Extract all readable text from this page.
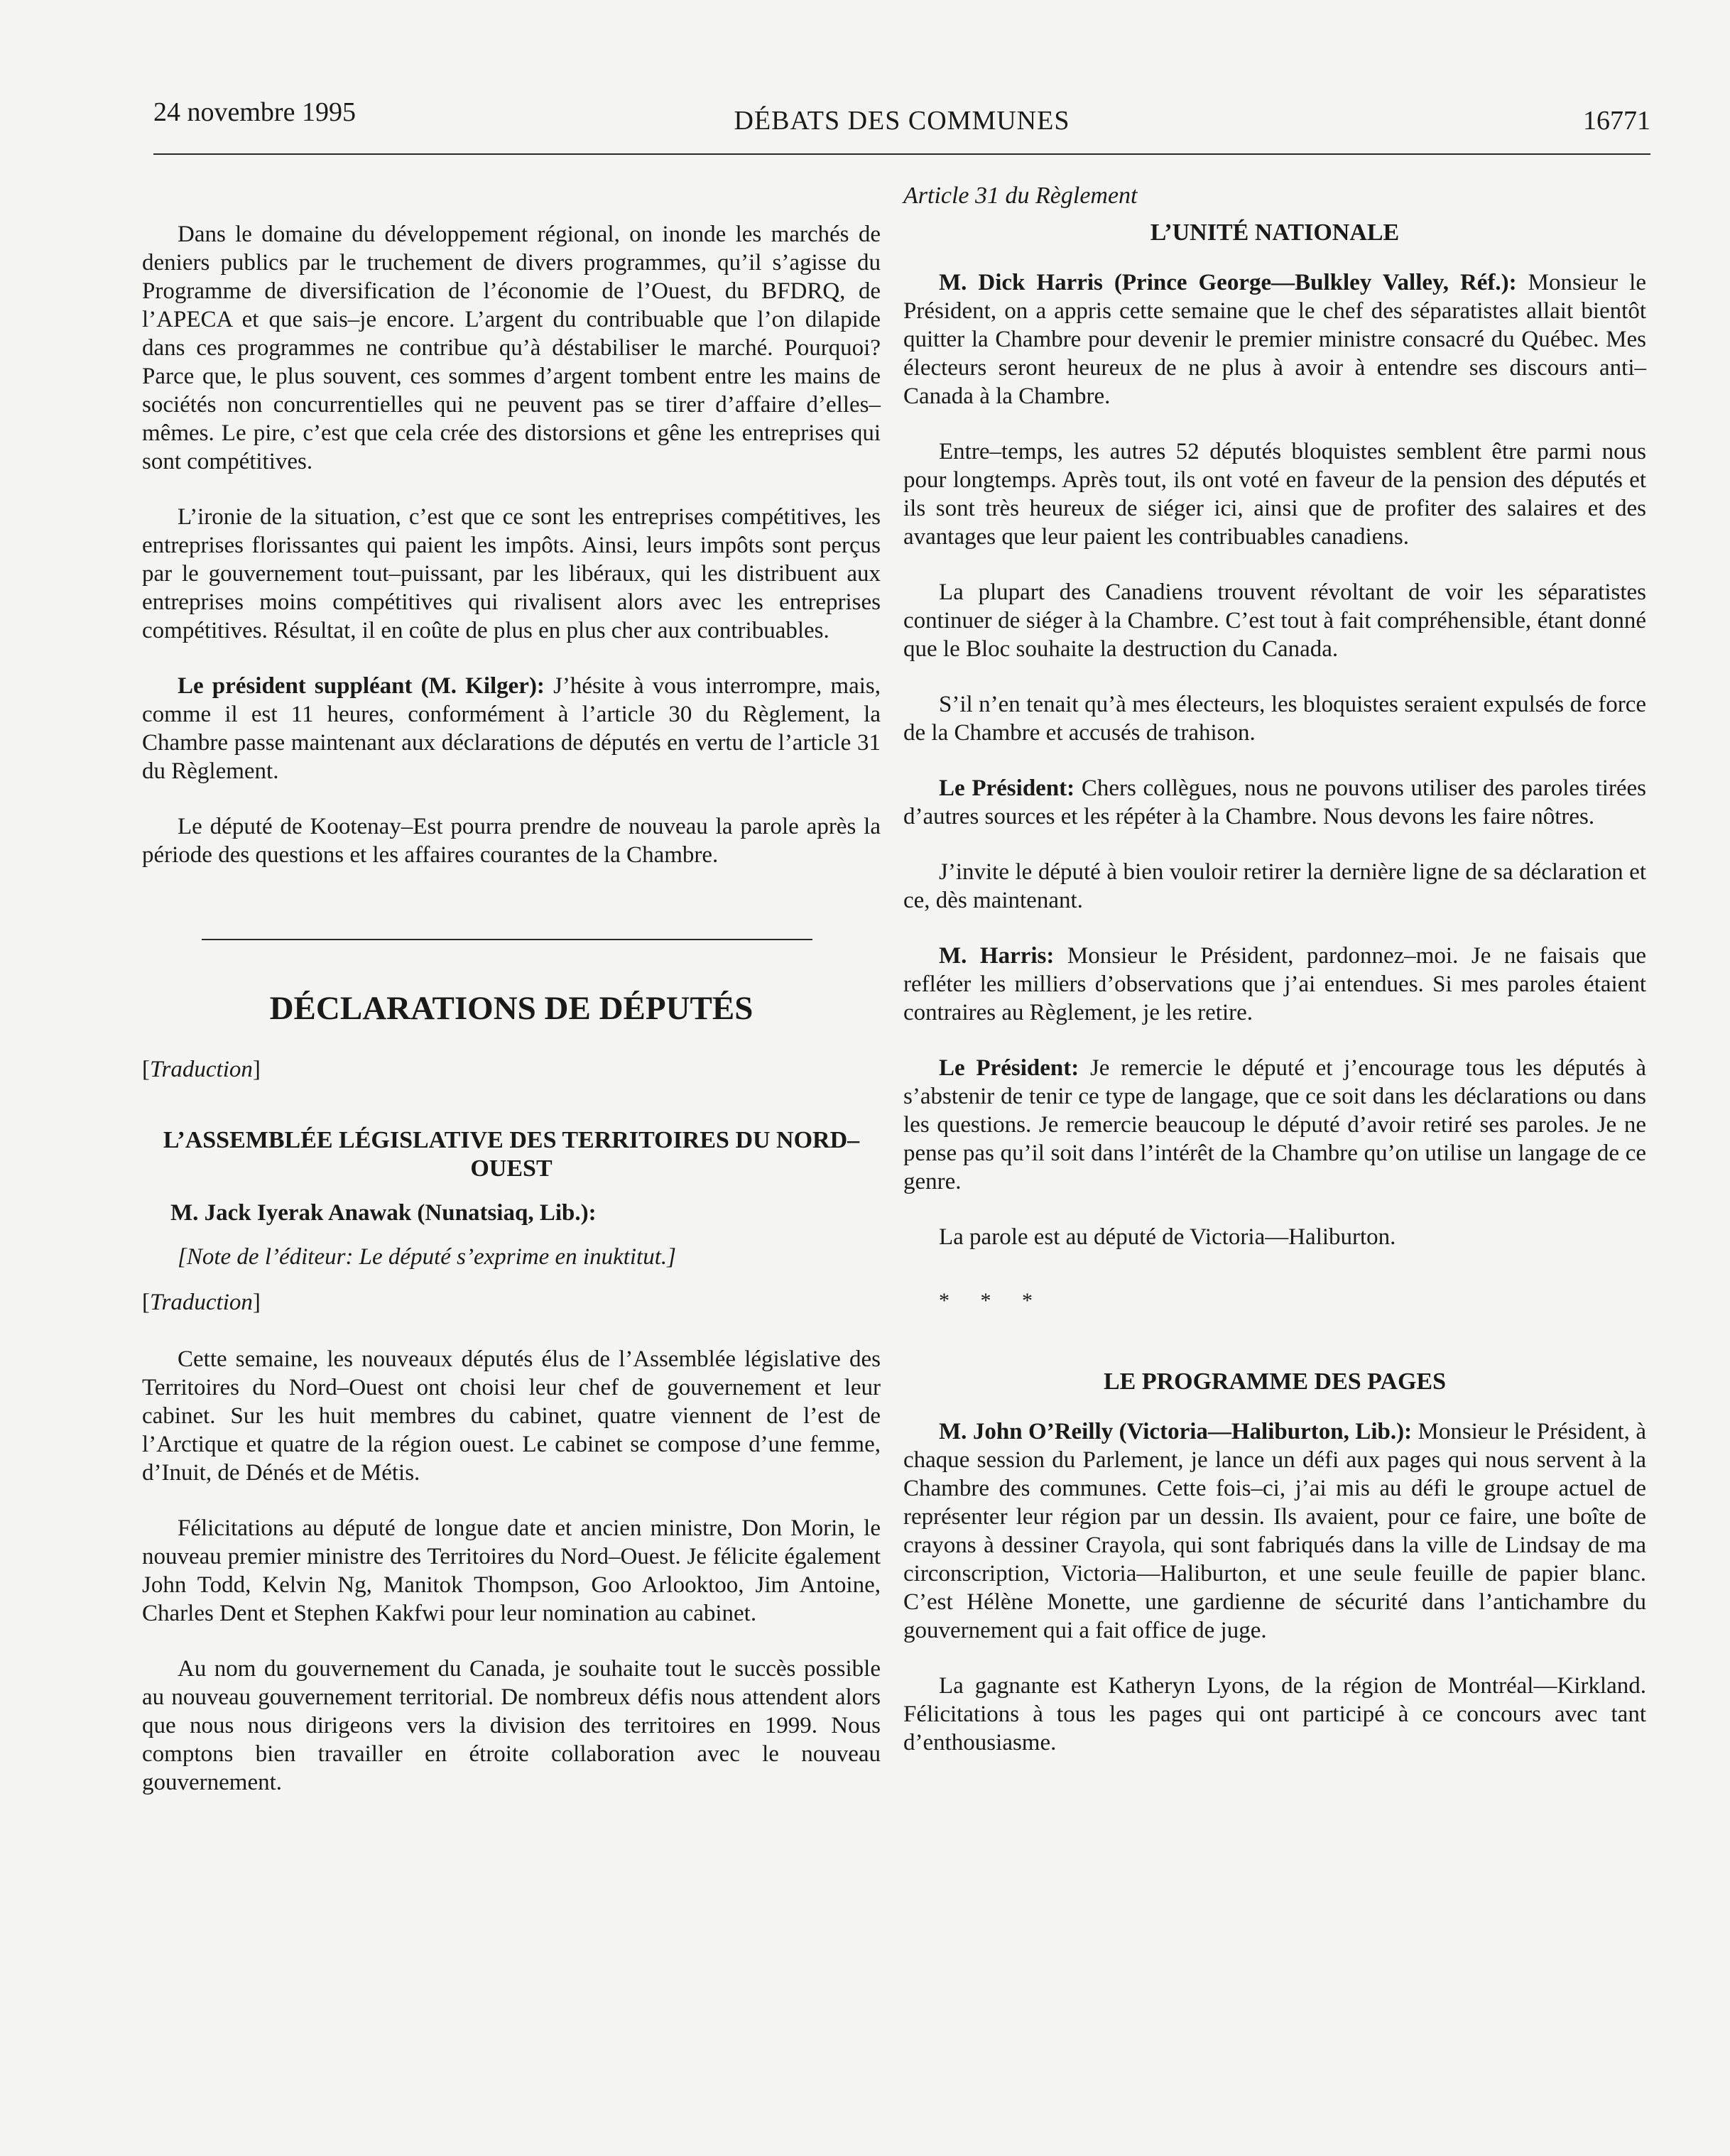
24 novembre 1995	DÉBATS DES COMMUNES	16771

Dans le domaine du développement régional, on inonde les marchés de deniers publics par le truchement de divers programmes, qu’il s’agisse du Programme de diversification de l’économie de l’Ouest, du BFDRQ, de l’APECA et que sais–je encore. L’argent du contribuable que l’on dilapide dans ces programmes ne contribue qu’à déstabiliser le marché. Pourquoi? Parce que, le plus souvent, ces sommes d’argent tombent entre les mains de sociétés non concurrentielles qui ne peuvent pas se tirer d’affaire d’elles–mêmes. Le pire, c’est que cela crée des distorsions et gêne les entreprises qui sont compétitives.

L’ironie de la situation, c’est que ce sont les entreprises compétitives, les entreprises florissantes qui paient les impôts. Ainsi, leurs impôts sont perçus par le gouvernement tout–puissant, par les libéraux, qui les distribuent aux entreprises moins compétitives qui rivalisent alors avec les entreprises compétitives. Résultat, il en coûte de plus en plus cher aux contribuables.

Le président suppléant (M. Kilger): J’hésite à vous interrompre, mais, comme il est 11 heures, conformément à l’article 30 du Règlement, la Chambre passe maintenant aux déclarations de députés en vertu de l’article 31 du Règlement.

Le député de Kootenay–Est pourra prendre de nouveau la parole après la période des questions et les affaires courantes de la Chambre.

DÉCLARATIONS DE DÉPUTÉS

[Traduction]

L’ASSEMBLÉE LÉGISLATIVE DES TERRITOIRES DU NORD–OUEST

M. Jack Iyerak Anawak (Nunatsiaq, Lib.):

[Note de l’éditeur: Le député s’exprime en inuktitut.]

[Traduction]

Cette semaine, les nouveaux députés élus de l’Assemblée législative des Territoires du Nord–Ouest ont choisi leur chef de gouvernement et leur cabinet. Sur les huit membres du cabinet, quatre viennent de l’est de l’Arctique et quatre de la région ouest. Le cabinet se compose d’une femme, d’Inuit, de Dénés et de Métis.

Félicitations au député de longue date et ancien ministre, Don Morin, le nouveau premier ministre des Territoires du Nord–Ouest. Je félicite également John Todd, Kelvin Ng, Manitok Thompson, Goo Arlooktoo, Jim Antoine, Charles Dent et Stephen Kakfwi pour leur nomination au cabinet.

Au nom du gouvernement du Canada, je souhaite tout le succès possible au nouveau gouvernement territorial. De nombreux défis nous attendent alors que nous nous dirigeons vers la division des territoires en 1999. Nous comptons bien travailler en étroite collaboration avec le nouveau gouvernement.

Article 31 du Règlement

L’UNITÉ NATIONALE

M. Dick Harris (Prince George—Bulkley Valley, Réf.): Monsieur le Président, on a appris cette semaine que le chef des séparatistes allait bientôt quitter la Chambre pour devenir le premier ministre consacré du Québec. Mes électeurs seront heureux de ne plus à avoir à entendre ses discours anti–Canada à la Chambre.

Entre–temps, les autres 52 députés bloquistes semblent être parmi nous pour longtemps. Après tout, ils ont voté en faveur de la pension des députés et ils sont très heureux de siéger ici, ainsi que de profiter des salaires et des avantages que leur paient les contribuables canadiens.

La plupart des Canadiens trouvent révoltant de voir les séparatistes continuer de siéger à la Chambre. C’est tout à fait compréhensible, étant donné que le Bloc souhaite la destruction du Canada.

S’il n’en tenait qu’à mes électeurs, les bloquistes seraient expulsés de force de la Chambre et accusés de trahison.

Le Président: Chers collègues, nous ne pouvons utiliser des paroles tirées d’autres sources et les répéter à la Chambre. Nous devons les faire nôtres.

J’invite le député à bien vouloir retirer la dernière ligne de sa déclaration et ce, dès maintenant.

M. Harris: Monsieur le Président, pardonnez–moi. Je ne faisais que refléter les milliers d’observations que j’ai entendues. Si mes paroles étaient contraires au Règlement, je les retire.

Le Président: Je remercie le député et j’encourage tous les députés à s’abstenir de tenir ce type de langage, que ce soit dans les déclarations ou dans les questions. Je remercie beaucoup le député d’avoir retiré ses paroles. Je ne pense pas qu’il soit dans l’intérêt de la Chambre qu’on utilise un langage de ce genre.

La parole est au député de Victoria—Haliburton.

* * *

LE PROGRAMME DES PAGES

M. John O’Reilly (Victoria—Haliburton, Lib.): Monsieur le Président, à chaque session du Parlement, je lance un défi aux pages qui nous servent à la Chambre des communes. Cette fois–ci, j’ai mis au défi le groupe actuel de représenter leur région par un dessin. Ils avaient, pour ce faire, une boîte de crayons à dessiner Crayola, qui sont fabriqués dans la ville de Lindsay de ma circonscription, Victoria—Haliburton, et une seule feuille de papier blanc. C’est Hélène Monette, une gardienne de sécurité dans l’antichambre du gouvernement qui a fait office de juge.

La gagnante est Katheryn Lyons, de la région de Montréal—Kirkland. Félicitations à tous les pages qui ont participé à ce concours avec tant d’enthousiasme.
